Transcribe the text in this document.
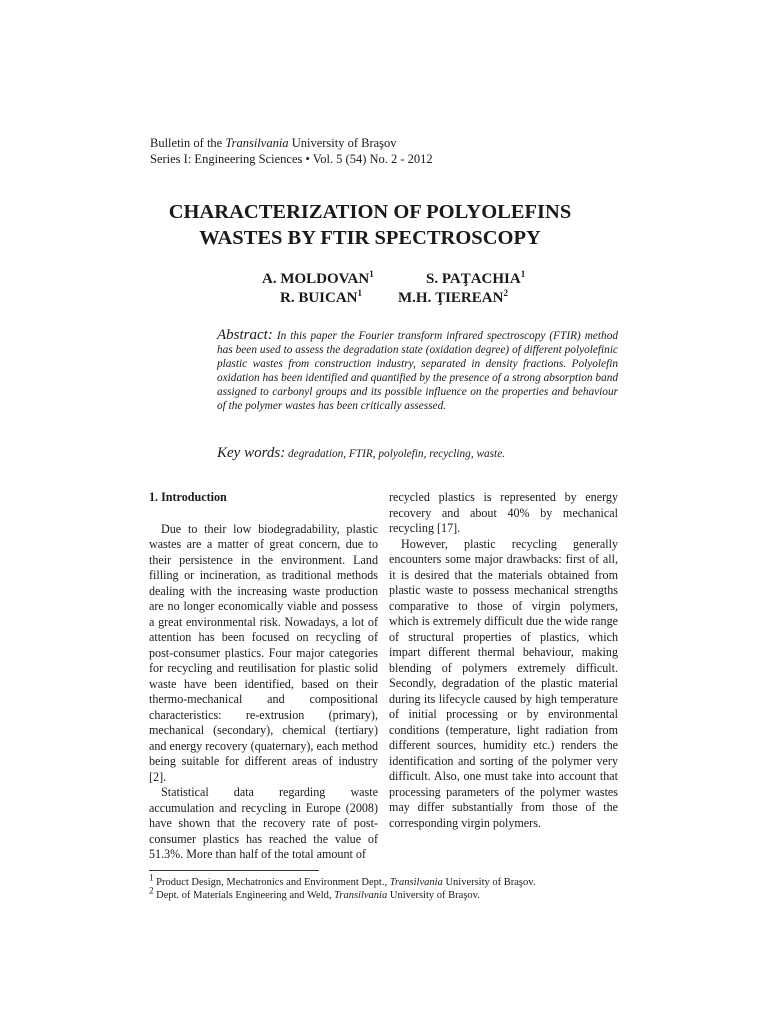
Bulletin of the Transilvania University of Braşov
Series I: Engineering Sciences • Vol. 5 (54) No. 2 - 2012
CHARACTERIZATION OF POLYOLEFINS
WASTES BY FTIR SPECTROSCOPY
A. MOLDOVAN$^1$	S. PAŢACHIA$^1$
R. BUICAN$^1$ M.H. ŢIEREAN$^2$
Abstract: In this paper the Fourier transform infrared spectroscopy (FTIR) method has been used to assess the degradation state (oxidation degree) of different polyolefinic plastic wastes from construction industry, separated in density fractions. Polyolefin oxidation has been identified and quantified by the presence of a strong absorption band assigned to carbonyl groups and its possible influence on the properties and behaviour of the polymer wastes has been critically assessed.
Key words: degradation, FTIR, polyolefin, recycling, waste.
1. Introduction

Due to their low biodegradability, plastic wastes are a matter of great concern, due to their persistence in the environment. Land filling or incineration, as traditional methods dealing with the increasing waste production are no longer economically viable and possess a great environmental risk. Nowadays, a lot of attention has been focused on recycling of post-consumer plastics. Four major categories for recycling and reutilisation for plastic solid waste have been identified, based on their thermo-mechanical and compositional characteristics: re-extrusion (primary), mechanical (secondary), chemical (tertiary) and energy recovery (quaternary), each method being suitable for different areas of industry [2].

Statistical data regarding waste accumulation and recycling in Europe (2008) have shown that the recovery rate of post-consumer plastics has reached the value of 51.3%. More than half of the total amount of

recycled plastics is represented by energy recovery and about 40% by mechanical recycling [17].

However, plastic recycling generally encounters some major drawbacks: first of all, it is desired that the materials obtained from plastic waste to possess mechanical strengths comparative to those of virgin polymers, which is extremely difficult due the wide range of structural properties of plastics, which impart different thermal behaviour, making blending of polymers extremely difficult. Secondly, degradation of the plastic material during its lifecycle caused by high temperature of initial processing or by environmental conditions (temperature, light radiation from different sources, humidity etc.) renders the identification and sorting of the polymer very difficult. Also, one must take into account that processing parameters of the polymer wastes may differ substantially from those of the corresponding virgin polymers.

$^1$ Product Design, Mechatronics and Environment Dept., Transilvania University of Braşov.
$^2$ Dept. of Materials Engineering and Weld, Transilvania University of Braşov.
